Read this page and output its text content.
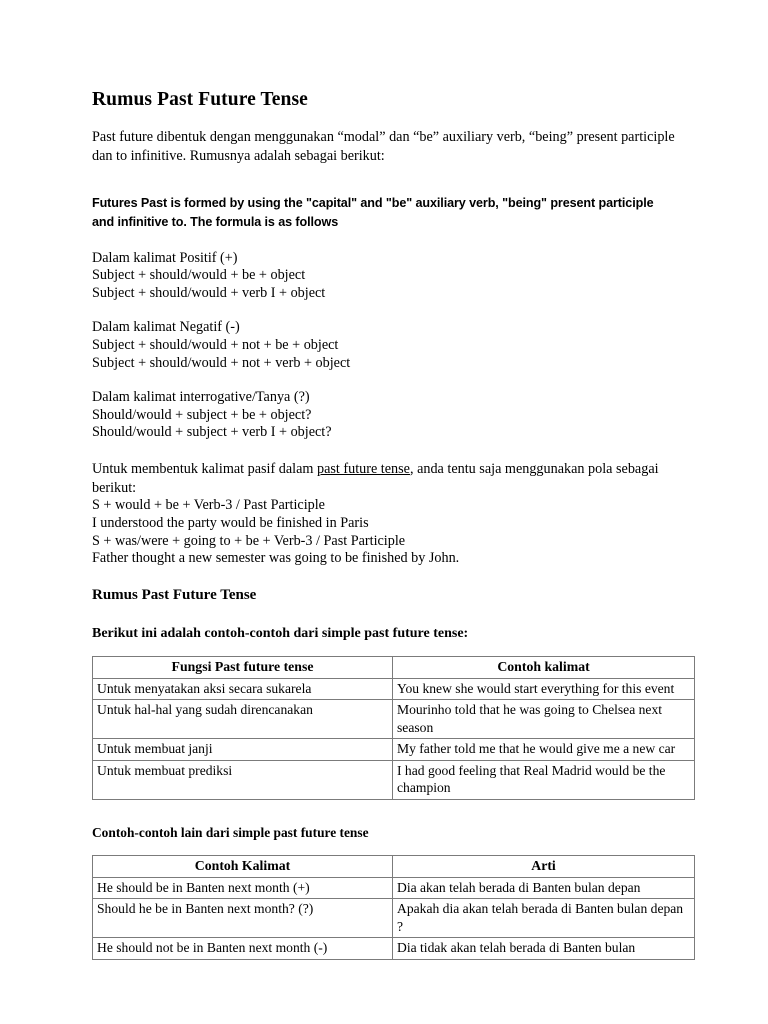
Rumus Past Future Tense

Past future dibentuk dengan menggunakan “modal” dan “be” auxiliary verb, “being” present participle dan to infinitive. Rumusnya adalah sebagai berikut:

Futures Past is formed by using the "capital" and "be" auxiliary verb, "being" present participle and infinitive to. The formula is as follows

Dalam kalimat Positif (+)
Subject + should/would + be + object
Subject + should/would + verb I + object
Dalam kalimat Negatif (-)
Subject + should/would + not + be + object
Subject + should/would + not + verb + object
Dalam kalimat interrogative/Tanya (?)
Should/would + subject + be + object?
Should/would + subject + verb I + object?

Untuk membentuk kalimat pasif dalam past future tense, anda tentu saja menggunakan pola sebagai berikut:

S + would + be + Verb-3 / Past Participle
I understood the party would be finished in Paris
S + was/were + going to + be + Verb-3 / Past Participle
Father thought a new semester was going to be finished by John.
Rumus Past Future Tense
Berikut ini adalah contoh-contoh dari simple past future tense:
Fungsi Past future tense	Contoh kalimat
Untuk menyatakan aksi secara sukarela	You knew she would start everything for this event
Untuk hal-hal yang sudah direncanakan	Mourinho told that he was going to Chelsea next season
Untuk membuat janji	My father told me that he would give me a new car
Untuk membuat prediksi	I had good feeling that Real Madrid would be the champion
Contoh-contoh lain dari simple past future tense
Contoh Kalimat	Arti
He should be in Banten next month (+)	Dia akan telah berada di Banten bulan depan
Should he be in Banten next month? (?)	Apakah dia akan telah berada di Banten bulan depan ?
He should not be in Banten next month (-)	Dia tidak akan telah berada di Banten bulan
